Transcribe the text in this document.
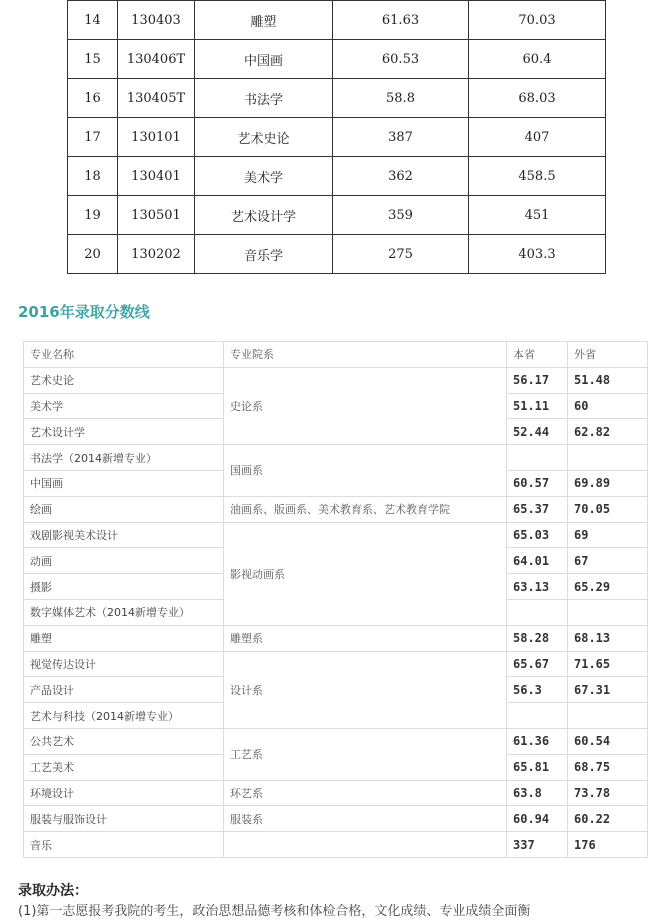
14	130403	雕塑	61.63	70.03
15	130406T	中国画	60.53	60.4
16	130405T	书法学	58.8	68.03
17	130101	艺术史论	387	407
18	130401	美术学	362	458.5
19	130501	艺术设计学	359	451
20	130202	音乐学	275	403.3
2016年录取分数线
专业名称	专业院系	本省	外省
艺术史论	史论系	56.17	51.48
美术学		51.11	60
艺术设计学		52.44	62.82
书法学（2014新增专业）	国画系		
中国画		60.57	69.89
绘画	油画系、版画系、美术教育系、艺术教育学院	65.37	70.05
戏剧影视美术设计	影视动画系	65.03	69
动画		64.01	67
摄影		63.13	65.29
数字媒体艺术（2014新增专业）			
雕塑	雕塑系	58.28	68.13
视觉传达设计	设计系	65.67	71.65
产品设计		56.3	67.31
艺术与科技（2014新增专业）			
公共艺术	工艺系	61.36	60.54
工艺美术		65.81	68.75
环境设计	环艺系	63.8	73.78
服装与服饰设计	服装系	60.94	60.22
音乐		337	176
录取办法：

(1)第一志愿报考我院的考生，政治思想品德考核和体检合格，文化成绩、专业成绩全面衡
